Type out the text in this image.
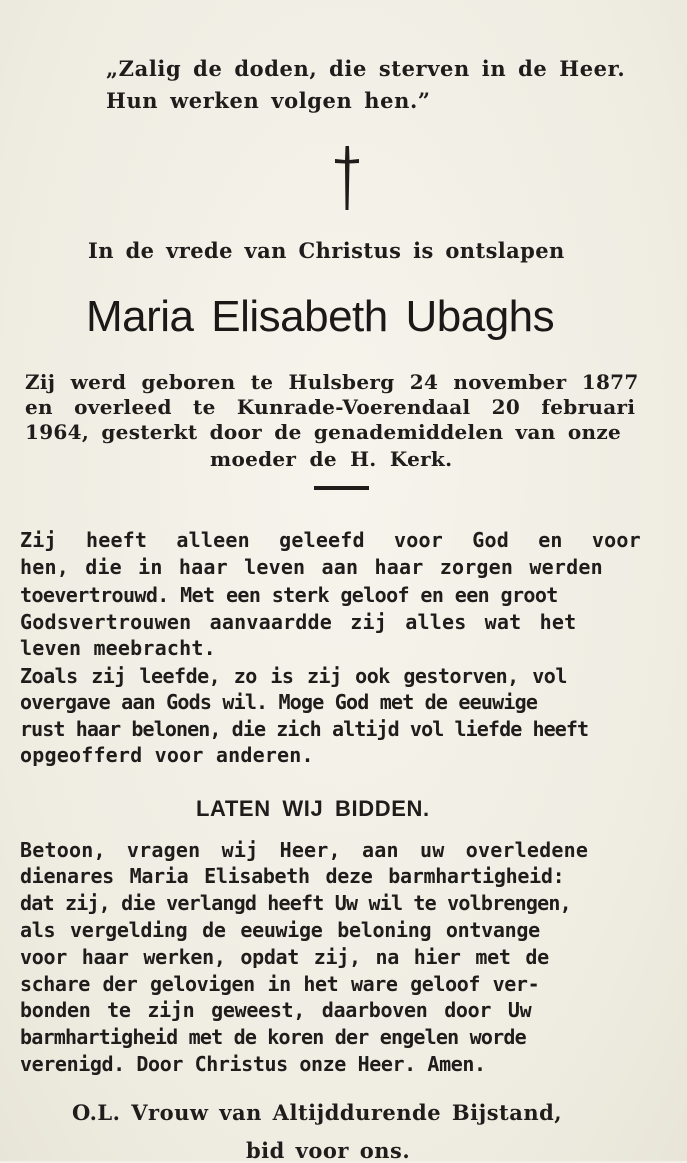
„Zalig de doden, die sterven in de Heer.
Hun werken volgen hen.”
In de vrede van Christus is ontslapen
Maria Elisabeth Ubaghs
Zij werd geboren te Hulsberg 24 november 1877
en overleed te Kunrade-Voerendaal 20 februari
1964, gesterkt door de genademiddelen van onze
moeder de H. Kerk.
Zij heeft alleen geleefd voor God en voor
hen, die in haar leven aan haar zorgen werden
toevertrouwd. Met een sterk geloof en een groot
Godsvertrouwen aanvaardde zij alles wat het
leven meebracht.
Zoals zij leefde, zo is zij ook gestorven, vol
overgave aan Gods wil. Moge God met de eeuwige
rust haar belonen, die zich altijd vol liefde heeft
opgeofferd voor anderen.
LATEN WIJ BIDDEN.
Betoon, vragen wij Heer, aan uw overledene
dienares Maria Elisabeth deze barmhartigheid:
dat zij, die verlangd heeft Uw wil te volbrengen,
als vergelding de eeuwige beloning ontvange
voor haar werken, opdat zij, na hier met de
schare der gelovigen in het ware geloof ver-
bonden te zijn geweest, daarboven door Uw
barmhartigheid met de koren der engelen worde
verenigd. Door Christus onze Heer. Amen.
O.L. Vrouw van Altijddurende Bijstand,
bid voor ons.
